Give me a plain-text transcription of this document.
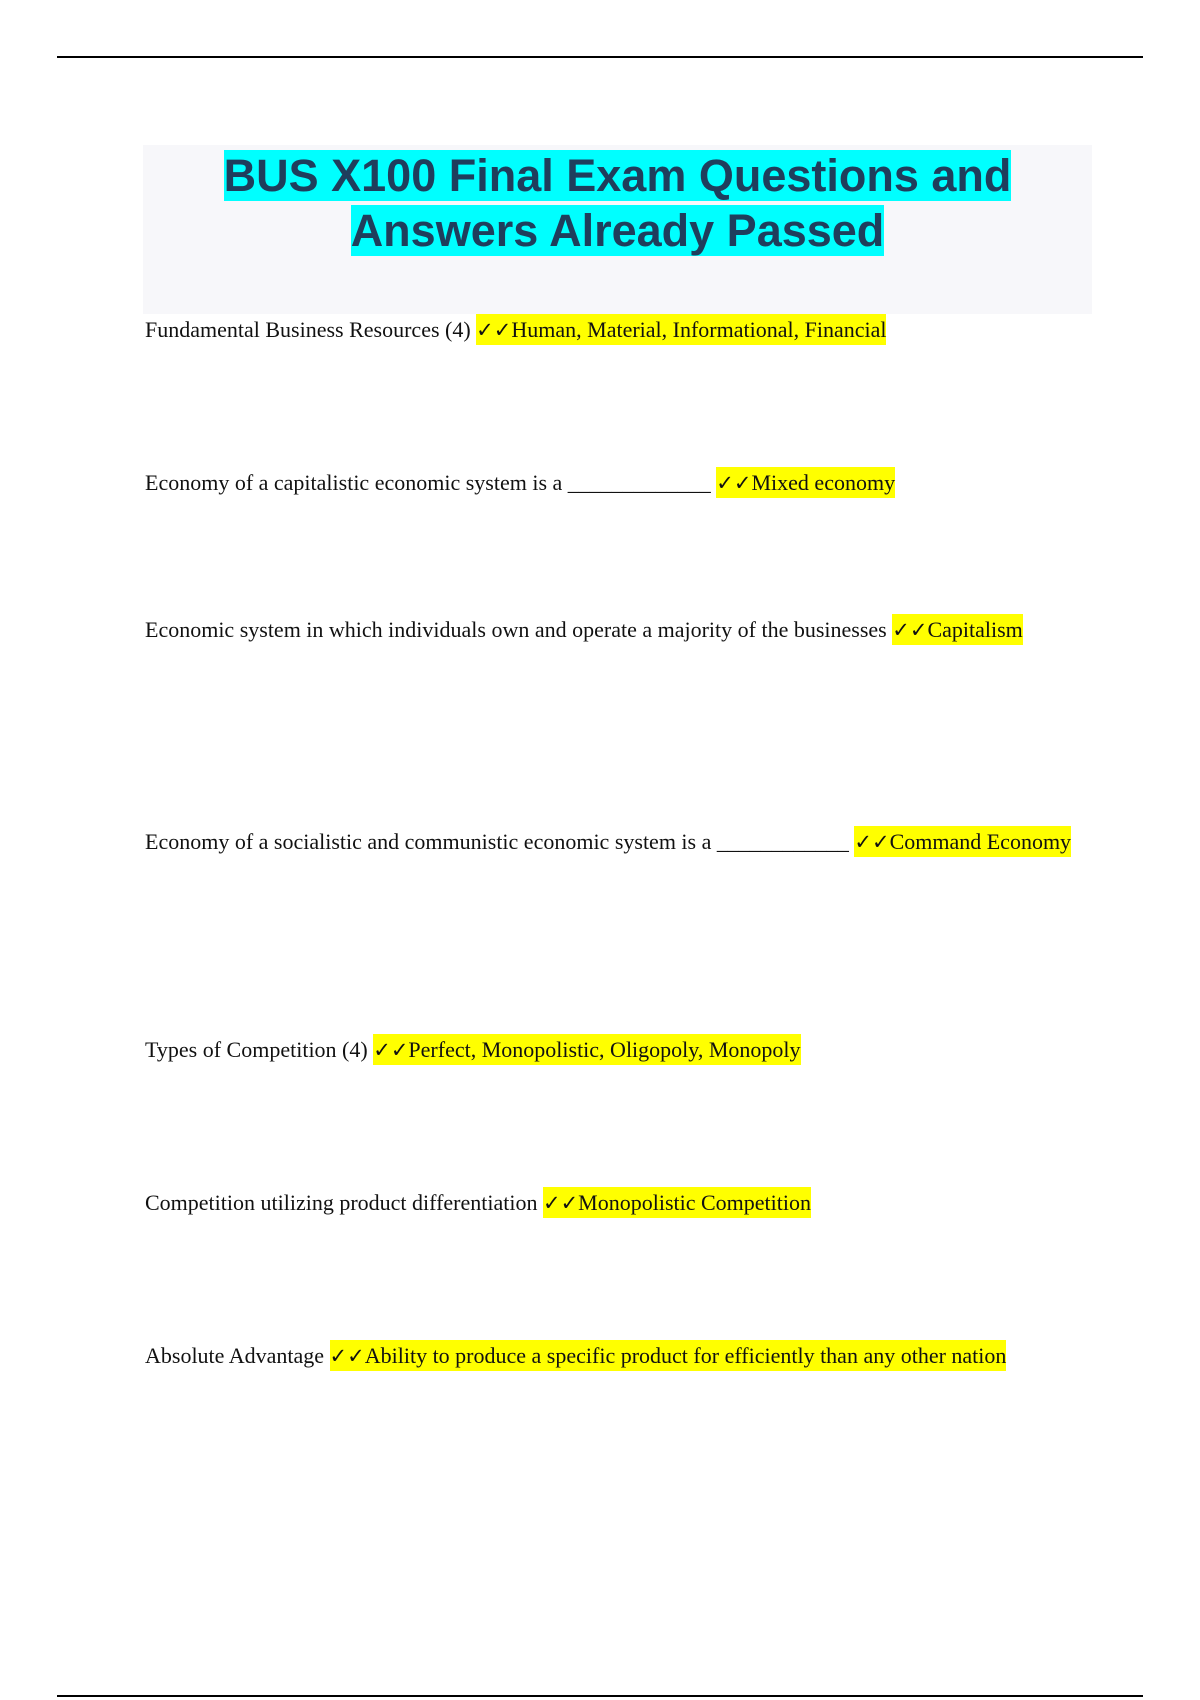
BUS X100 Final Exam Questions and Answers Already Passed
Fundamental Business Resources (4) ✓✓Human, Material, Informational, Financial
Economy of a capitalistic economic system is a _____________ ✓✓Mixed economy
Economic system in which individuals own and operate a majority of the businesses ✓✓Capitalism
Economy of a socialistic and communistic economic system is a ____________ ✓✓Command Economy
Types of Competition (4) ✓✓Perfect, Monopolistic, Oligopoly, Monopoly
Competition utilizing product differentiation ✓✓Monopolistic Competition
Absolute Advantage ✓✓Ability to produce a specific product for efficiently than any other nation
